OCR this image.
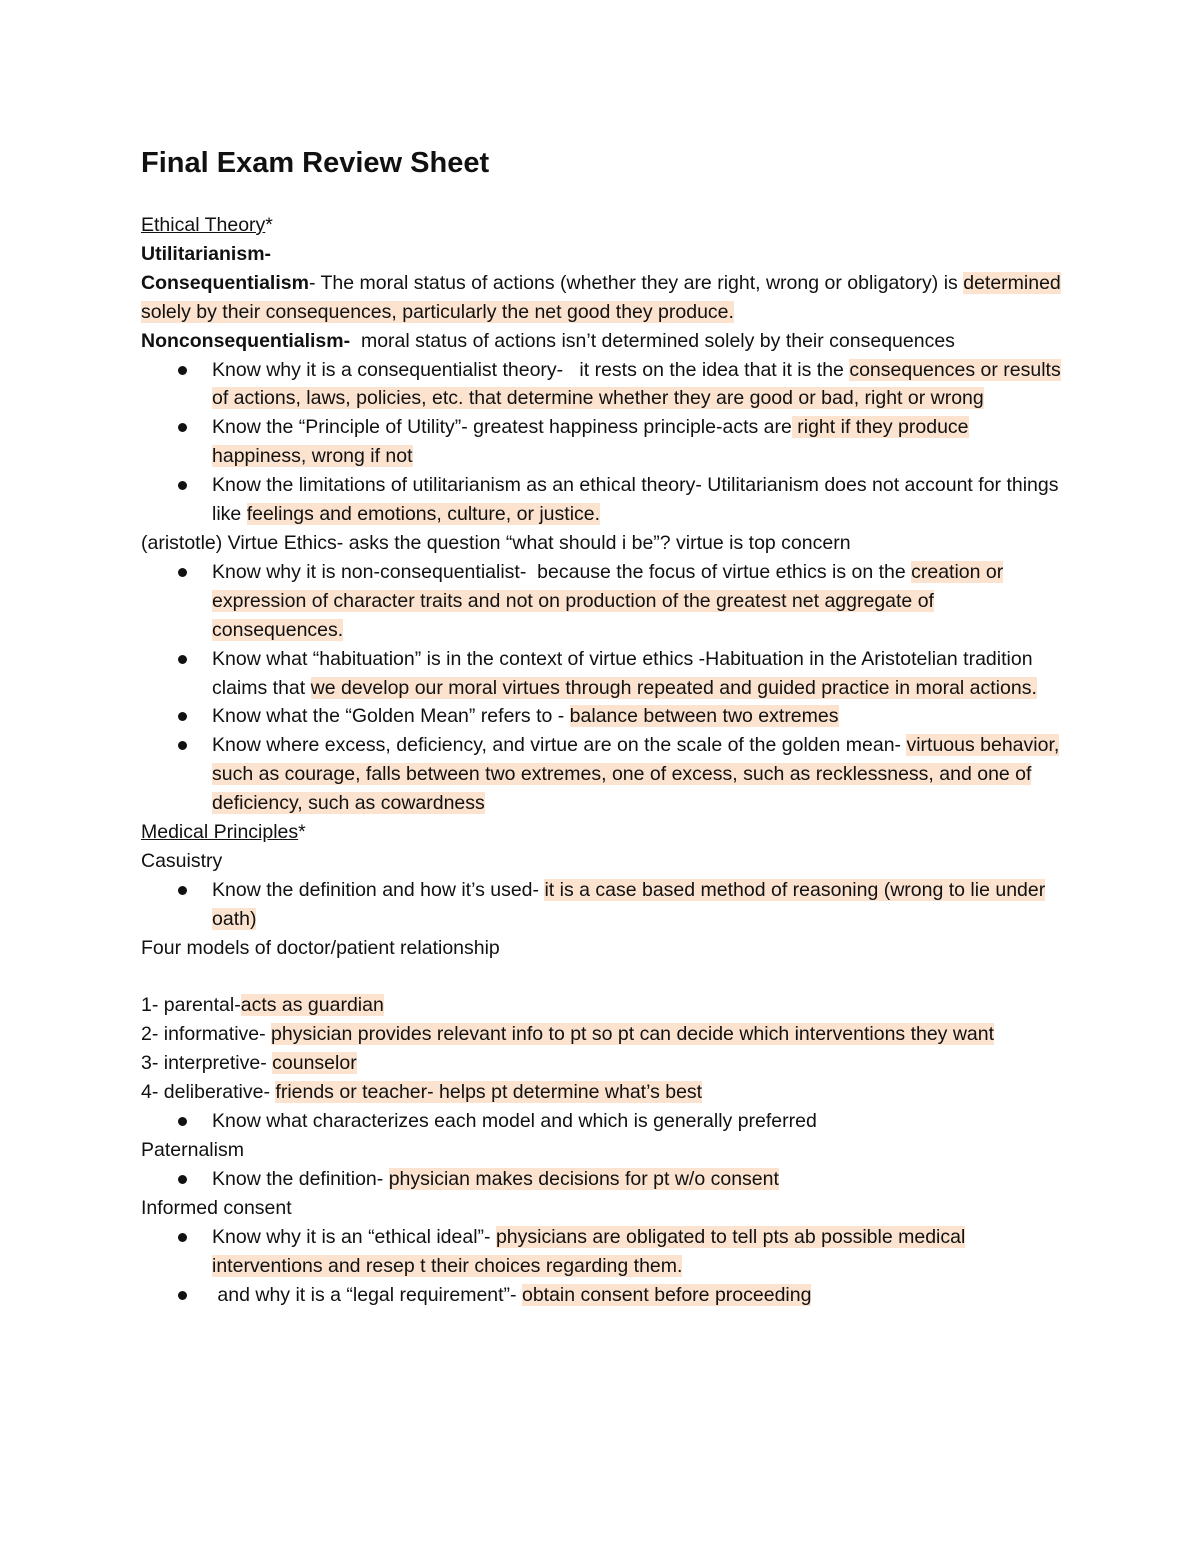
Final Exam Review Sheet

Ethical Theory*

Utilitarianism-

Consequentialism- The moral status of actions (whether they are right, wrong or obligatory) is determined solely by their consequences, particularly the net good they produce.

Nonconsequentialism-  moral status of actions isn’t determined solely by their consequences

Know why it is a consequentialist theory-   it rests on the idea that it is the consequences or results of actions, laws, policies, etc. that determine whether they are good or bad, right or wrong
Know the “Principle of Utility”- greatest happiness principle-acts are right if they produce happiness, wrong if not
Know the limitations of utilitarianism as an ethical theory- Utilitarianism does not account for things like feelings and emotions, culture, or justice.

(aristotle) Virtue Ethics- asks the question “what should i be”? virtue is top concern

Know why it is non-consequentialist-  because the focus of virtue ethics is on the creation or expression of character traits and not on production of the greatest net aggregate of consequences.
Know what “habituation” is in the context of virtue ethics -Habituation in the Aristotelian tradition claims that we develop our moral virtues through repeated and guided practice in moral actions.
Know what the “Golden Mean” refers to - balance between two extremes
Know where excess, deficiency, and virtue are on the scale of the golden mean- virtuous behavior, such as courage, falls between two extremes, one of excess, such as recklessness, and one of deficiency, such as cowardness

Medical Principles*

Casuistry

Know the definition and how it’s used- it is a case based method of reasoning (wrong to lie under oath)

Four models of doctor/patient relationship

1- parental-acts as guardian

2- informative- physician provides relevant info to pt so pt can decide which interventions they want

3- interpretive- counselor

4- deliberative- friends or teacher- helps pt determine what’s best

Know what characterizes each model and which is generally preferred

Paternalism

Know the definition- physician makes decisions for pt w/o consent

Informed consent

Know why it is an “ethical ideal”- physicians are obligated to tell pts ab possible medical interventions and resep t their choices regarding them.
and why it is a “legal requirement”- obtain consent before proceeding
